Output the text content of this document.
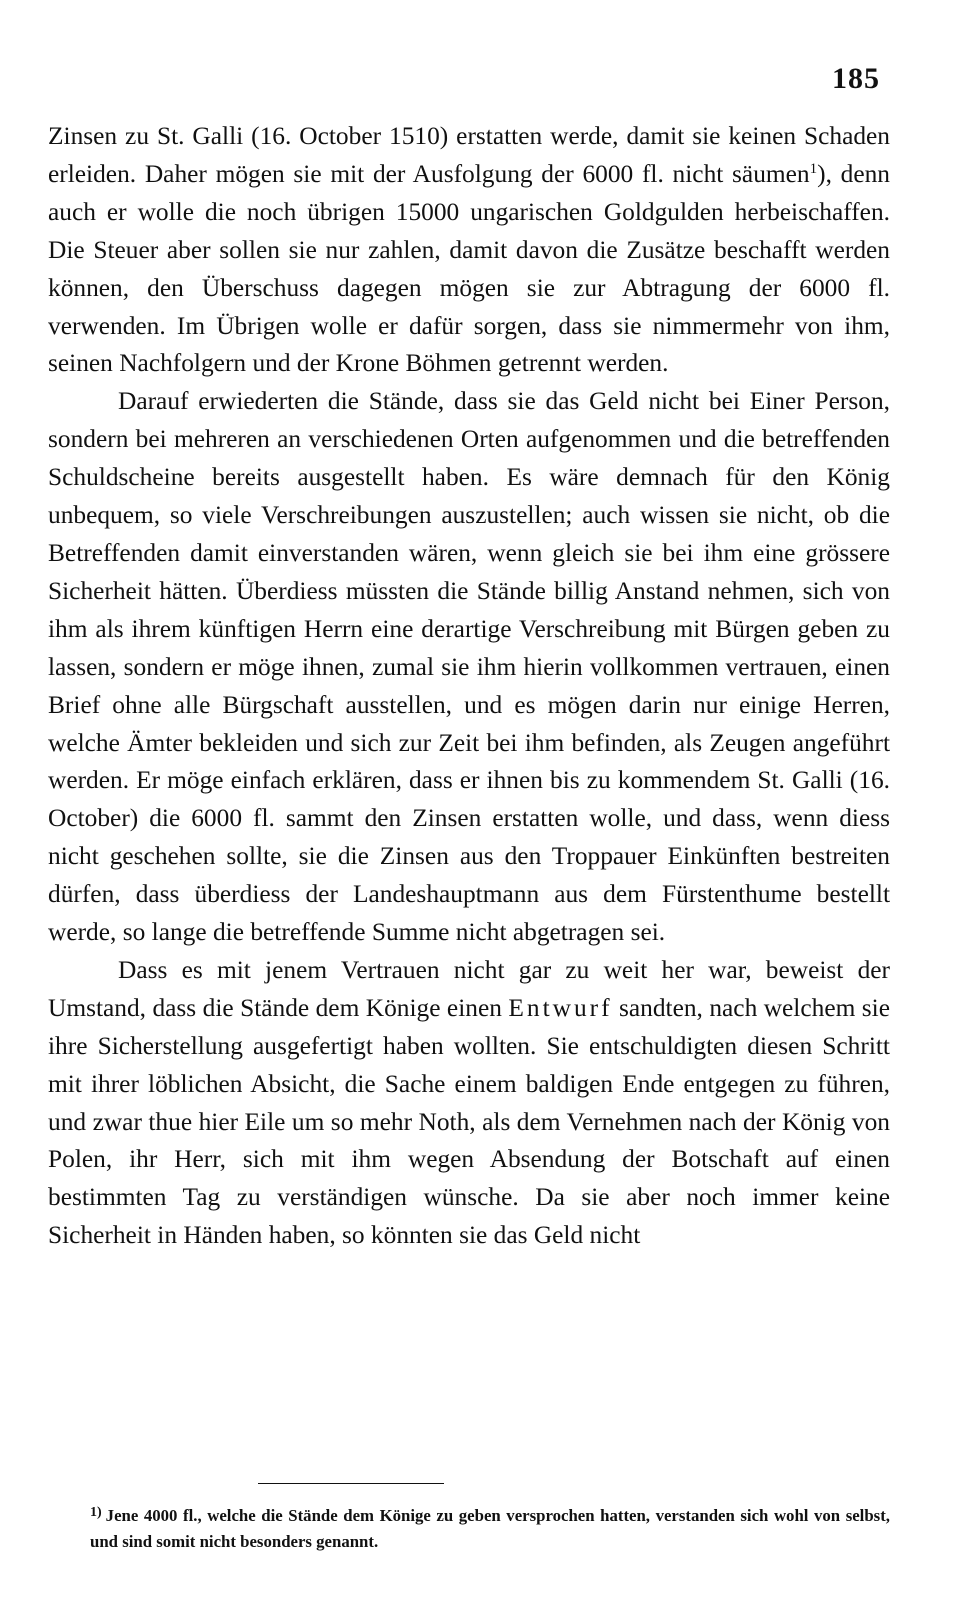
185

Zinsen zu St. Galli (16. October 1510) erstatten werde, damit sie keinen Schaden erleiden. Daher mögen sie mit der Ausfolgung der 6000 fl. nicht säumen$^1$), denn auch er wolle die noch übrigen 15000 ungarischen Goldgulden herbeischaffen. Die Steuer aber sollen sie nur zahlen, damit davon die Zusätze beschafft werden können, den Überschuss dagegen mögen sie zur Abtragung der 6000 fl. verwenden. Im Übrigen wolle er dafür sorgen, dass sie nimmermehr von ihm, seinen Nachfolgern und der Krone Böhmen getrennt werden.

Darauf erwiederten die Stände, dass sie das Geld nicht bei Einer Person, sondern bei mehreren an verschiedenen Orten aufgenommen und die betreffenden Schuldscheine bereits ausgestellt haben. Es wäre demnach für den König unbequem, so viele Verschreibungen auszustellen; auch wissen sie nicht, ob die Betreffenden damit einverstanden wären, wenn gleich sie bei ihm eine grössere Sicherheit hätten. Überdiess müssten die Stände billig Anstand nehmen, sich von ihm als ihrem künftigen Herrn eine derartige Verschreibung mit Bürgen geben zu lassen, sondern er möge ihnen, zumal sie ihm hierin vollkommen vertrauen, einen Brief ohne alle Bürgschaft ausstellen, und es mögen darin nur einige Herren, welche Ämter bekleiden und sich zur Zeit bei ihm befinden, als Zeugen angeführt werden. Er möge einfach erklären, dass er ihnen bis zu kommendem St. Galli (16. October) die 6000 fl. sammt den Zinsen erstatten wolle, und dass, wenn diess nicht geschehen sollte, sie die Zinsen aus den Troppauer Einkünften bestreiten dürfen, dass überdiess der Landeshauptmann aus dem Fürstenthume bestellt werde, so lange die betreffende Summe nicht abgetragen sei.

Dass es mit jenem Vertrauen nicht gar zu weit her war, beweist der Umstand, dass die Stände dem Könige einen Entwurf sandten, nach welchem sie ihre Sicherstellung ausgefertigt haben wollten. Sie entschuldigten diesen Schritt mit ihrer löblichen Absicht, die Sache einem baldigen Ende entgegen zu führen, und zwar thue hier Eile um so mehr Noth, als dem Vernehmen nach der König von Polen, ihr Herr, sich mit ihm wegen Absendung der Botschaft auf einen bestimmten Tag zu verständigen wünsche. Da sie aber noch immer keine Sicherheit in Händen haben, so könnten sie das Geld nicht

$^{1)}$ Jene 4000 fl., welche die Stände dem Könige zu geben versprochen hatten, verstanden sich wohl von selbst, und sind somit nicht besonders genannt.
